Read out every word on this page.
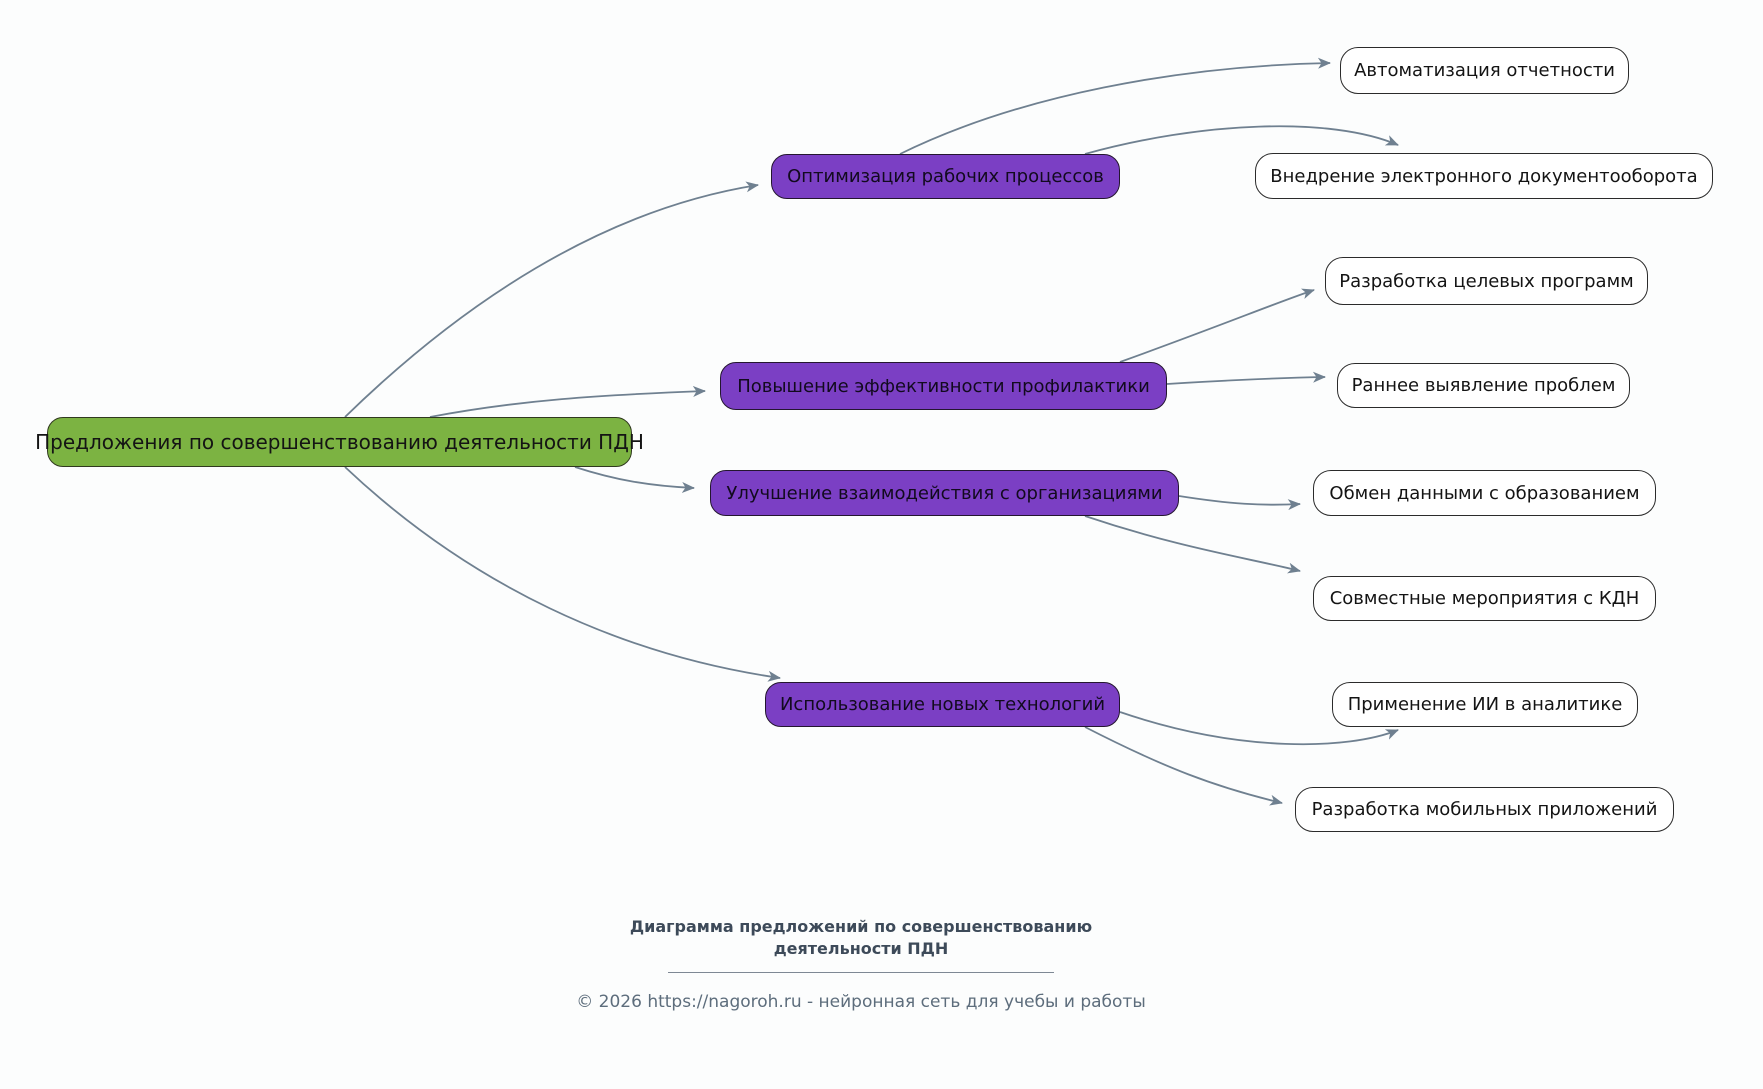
Предложения по совершенствованию деятельности ПДН
Оптимизация рабочих процессов
Повышение эффективности профилактики
Улучшение взаимодействия с организациями
Использование новых технологий
Автоматизация отчетности
Внедрение электронного документооборота
Разработка целевых программ
Раннее выявление проблем
Обмен данными с образованием
Совместные мероприятия с КДН
Применение ИИ в аналитике
Разработка мобильных приложений
Диаграмма предложений по совершенствованию
деятельности ПДН
© 2026 https://nagoroh.ru - нейронная сеть для учебы и работы
